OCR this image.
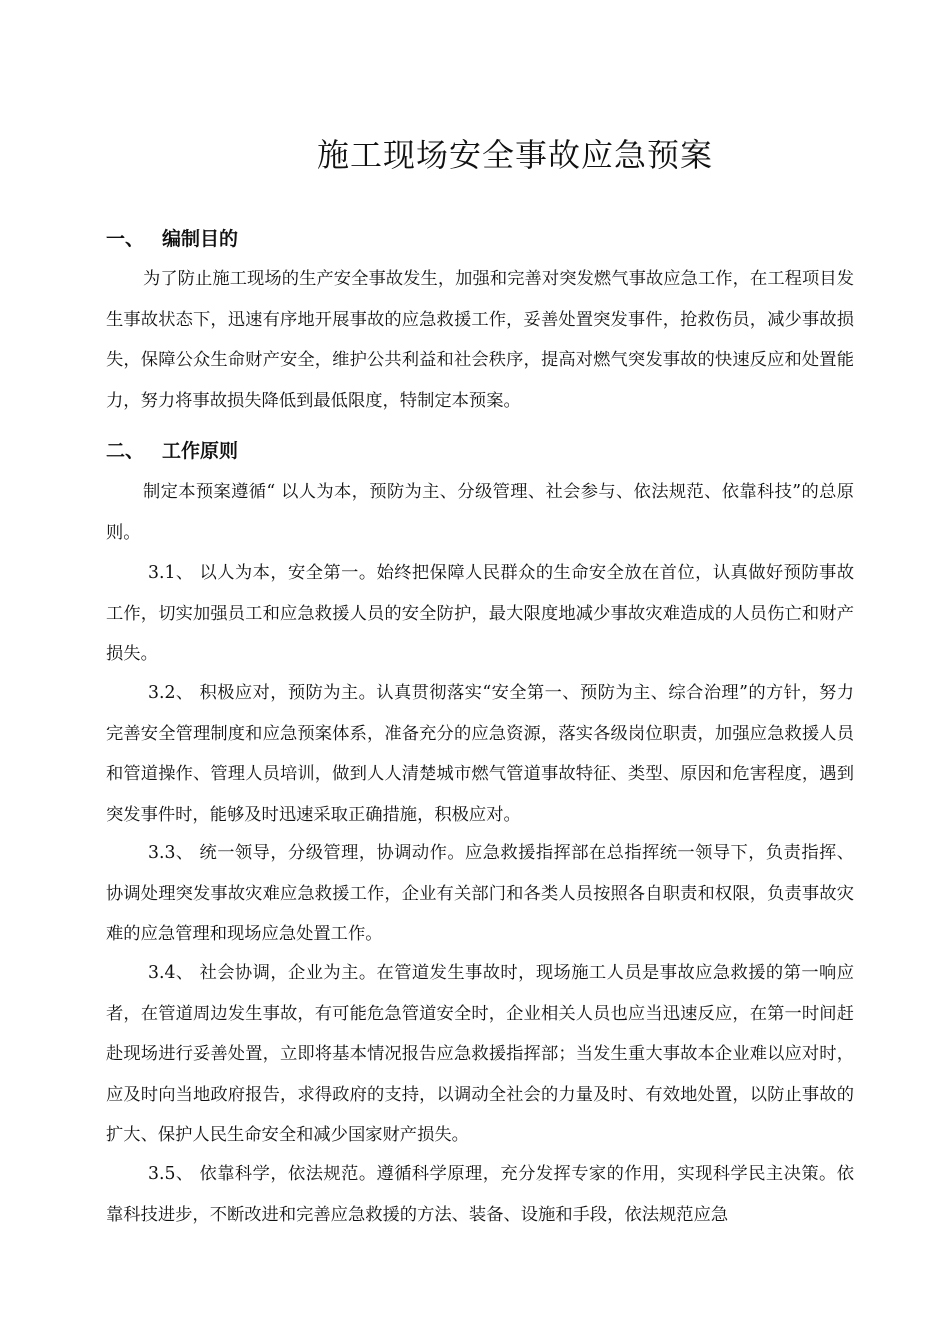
施工现场安全事故应急预案
一、 编制目的

为了防止施工现场的生产安全事故发生，加强和完善对突发燃气事故应急工作，在工程项目发生事故状态下，迅速有序地开展事故的应急救援工作，妥善处置突发事件，抢救伤员，减少事故损失，保障公众生命财产安全，维护公共利益和社会秩序，提高对燃气突发事故的快速反应和处置能力，努力将事故损失降低到最低限度，特制定本预案。

二、 工作原则

制定本预案遵循“ 以人为本，预防为主、分级管理、社会参与、依法规范、依靠科技”的总原则。

3.1、 以人为本，安全第一。始终把保障人民群众的生命安全放在首位，认真做好预防事故工作，切实加强员工和应急救援人员的安全防护，最大限度地减少事故灾难造成的人员伤亡和财产损失。

3.2、 积极应对，预防为主。认真贯彻落实“安全第一、预防为主、综合治理”的方针，努力完善安全管理制度和应急预案体系，准备充分的应急资源，落实各级岗位职责，加强应急救援人员和管道操作、管理人员培训，做到人人清楚城市燃气管道事故特征、类型、原因和危害程度，遇到突发事件时，能够及时迅速采取正确措施，积极应对。

3.3、 统一领导，分级管理，协调动作。应急救援指挥部在总指挥统一领导下，负责指挥、协调处理突发事故灾难应急救援工作，企业有关部门和各类人员按照各自职责和权限，负责事故灾难的应急管理和现场应急处置工作。

3.4、 社会协调，企业为主。在管道发生事故时，现场施工人员是事故应急救援的第一响应者，在管道周边发生事故，有可能危急管道安全时，企业相关人员也应当迅速反应，在第一时间赶赴现场进行妥善处置，立即将基本情况报告应急救援指挥部；当发生重大事故本企业难以应对时，应及时向当地政府报告，求得政府的支持，以调动全社会的力量及时、有效地处置，以防止事故的扩大、保护人民生命安全和减少国家财产损失。

3.5、 依靠科学，依法规范。遵循科学原理，充分发挥专家的作用，实现科学民主决策。依靠科技进步，不断改进和完善应急救援的方法、装备、设施和手段，依法规范应急
